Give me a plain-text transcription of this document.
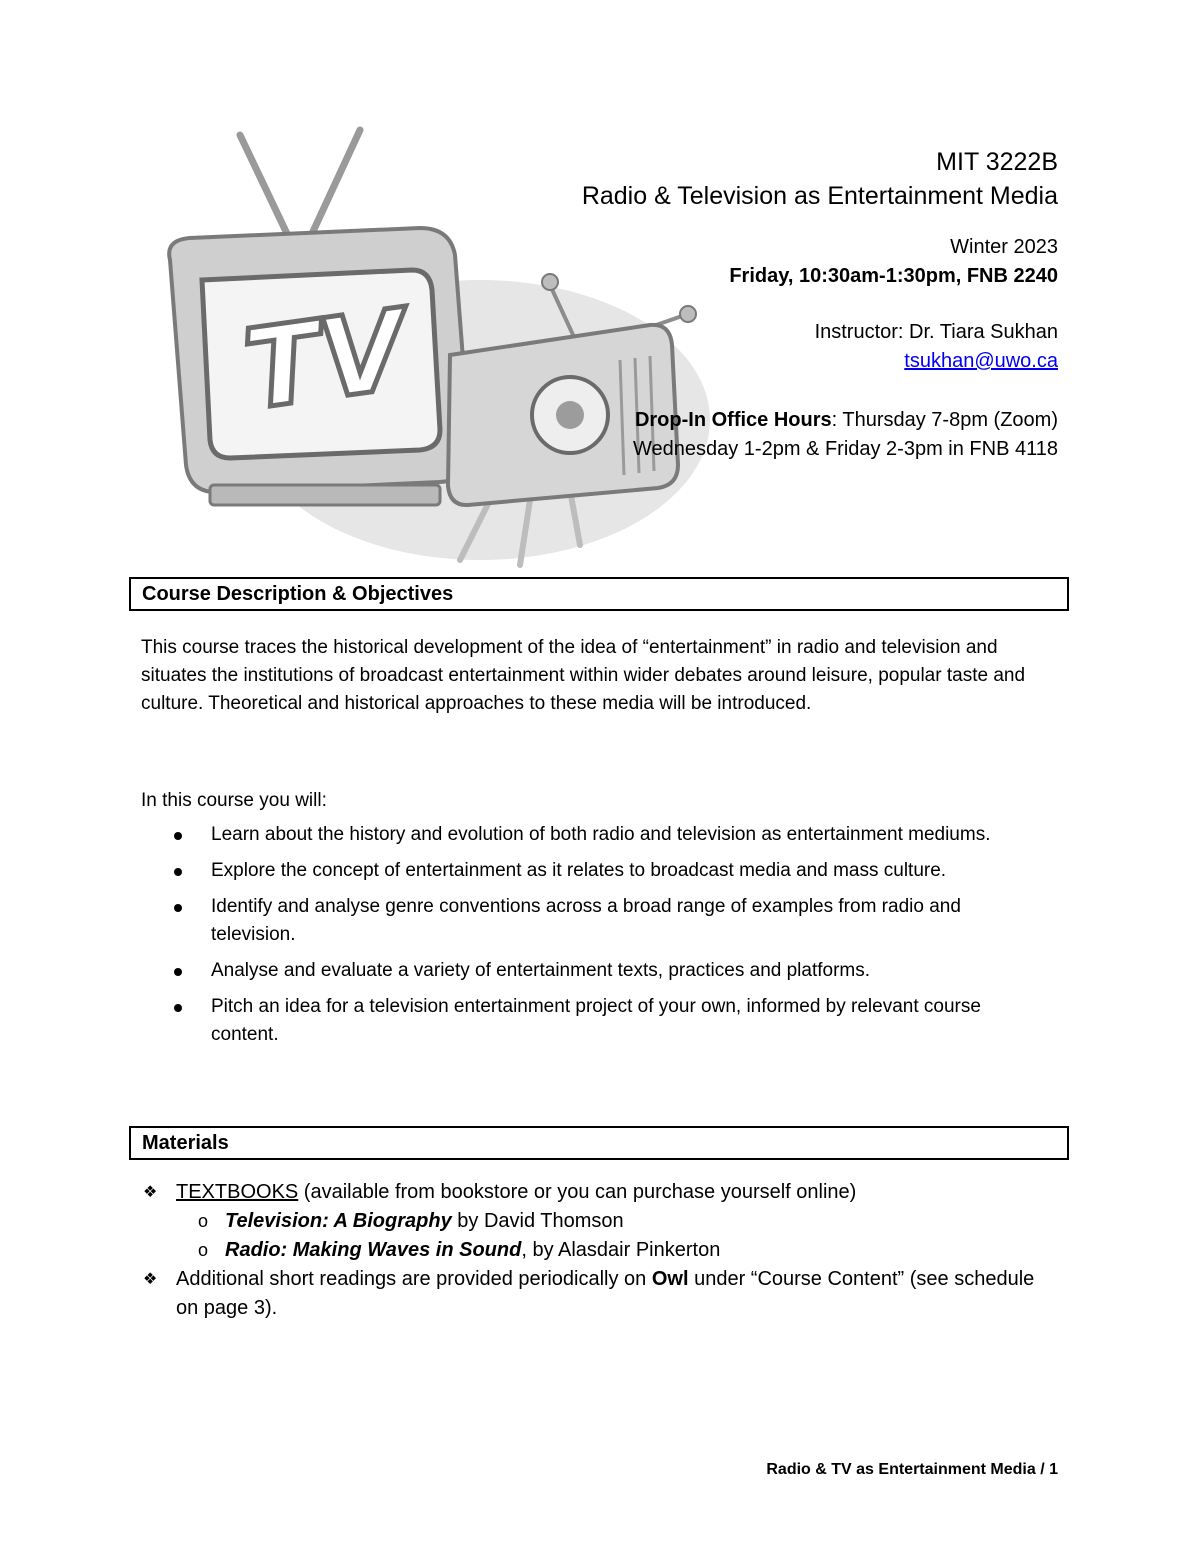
TV
MIT 3222B
Radio & Television as Entertainment Media

Winter 2023

Friday, 10:30am-1:30pm, FNB 2240

Instructor: Dr. Tiara Sukhan

tsukhan@uwo.ca

Drop-In Office Hours: Thursday 7-8pm (Zoom)

Wednesday 1-2pm & Friday 2-3pm in FNB 4118

Course Description & Objectives

This course traces the historical development of the idea of “entertainment” in radio and television and situates the institutions of broadcast entertainment within wider debates around leisure, popular taste and culture. Theoretical and historical approaches to these media will be introduced.

In this course you will:

Learn about the history and evolution of both radio and television as entertainment mediums.
Explore the concept of entertainment as it relates to broadcast media and mass culture.
Identify and analyse genre conventions across a broad range of examples from radio and television.
Analyse and evaluate a variety of entertainment texts, practices and platforms.
Pitch an idea for a television entertainment project of your own, informed by relevant course content.
Materials
❖ TEXTBOOKS (available from bookstore or you can purchase yourself online)
o Television: A Biography by David Thomson
o Radio: Making Waves in Sound, by Alasdair Pinkerton
❖ Additional short readings are provided periodically on Owl under “Course Content” (see schedule on page 3).
Radio & TV as Entertainment Media / 1
